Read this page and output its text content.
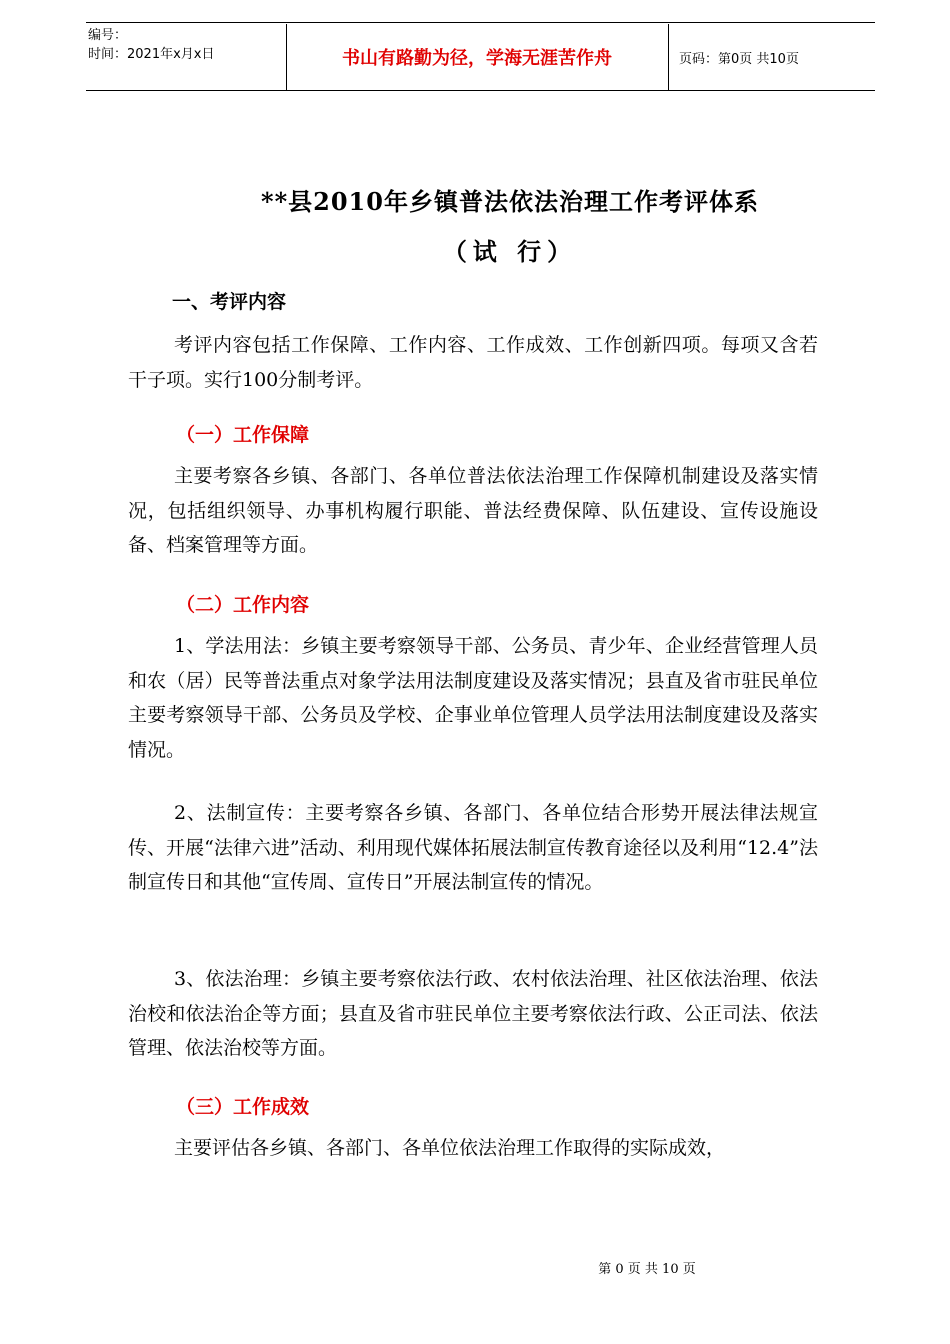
编号：
时间：2021年x月x日	书山有路勤为径，学海无涯苦作舟	页码：第0页 共10页
**县2010年乡镇普法依法治理工作考评体系
（试 行）
一、考评内容
考评内容包括工作保障、工作内容、工作成效、工作创新四项。每项又含若干子项。实行100分制考评。
（一）工作保障
主要考察各乡镇、各部门、各单位普法依法治理工作保障机制建设及落实情况，包括组织领导、办事机构履行职能、普法经费保障、队伍建设、宣传设施设备、档案管理等方面。
（二）工作内容
1、学法用法：乡镇主要考察领导干部、公务员、青少年、企业经营管理人员和农（居）民等普法重点对象学法用法制度建设及落实情况；县直及省市驻民单位主要考察领导干部、公务员及学校、企事业单位管理人员学法用法制度建设及落实情况。
2、法制宣传：主要考察各乡镇、各部门、各单位结合形势开展法律法规宣传、开展“法律六进”活动、利用现代媒体拓展法制宣传教育途径以及利用“12.4”法制宣传日和其他“宣传周、宣传日”开展法制宣传的情况。
3、依法治理：乡镇主要考察依法行政、农村依法治理、社区依法治理、依法治校和依法治企等方面；县直及省市驻民单位主要考察依法行政、公正司法、依法管理、依法治校等方面。
（三）工作成效
主要评估各乡镇、各部门、各单位依法治理工作取得的实际成效，
第 0 页 共 10 页
